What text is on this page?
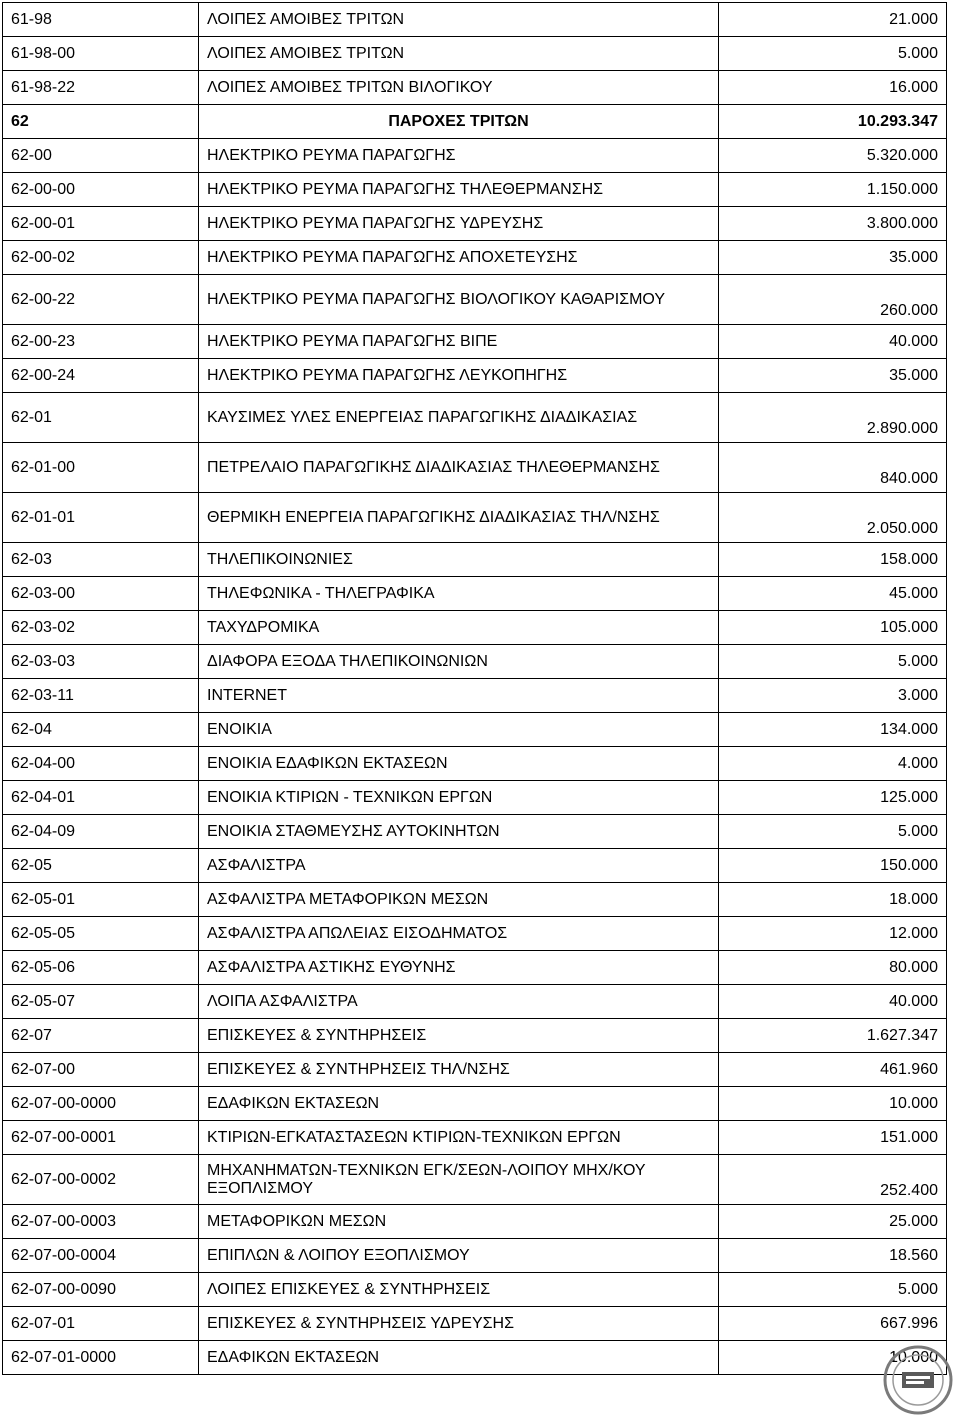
61-98	ΛΟΙΠΕΣ ΑΜΟΙΒΕΣ ΤΡΙΤΩΝ	21.000
61-98-00	ΛΟΙΠΕΣ ΑΜΟΙΒΕΣ ΤΡΙΤΩΝ	5.000
61-98-22	ΛΟΙΠΕΣ ΑΜΟΙΒΕΣ ΤΡΙΤΩΝ ΒΙΛΟΓΙΚΟΥ	16.000
62	ΠΑΡΟΧΕΣ ΤΡΙΤΩΝ	10.293.347
62-00	ΗΛΕΚΤΡΙΚΟ ΡΕΥΜΑ ΠΑΡΑΓΩΓΗΣ	5.320.000
62-00-00	ΗΛΕΚΤΡΙΚΟ ΡΕΥΜΑ ΠΑΡΑΓΩΓΗΣ ΤΗΛΕΘΕΡΜΑΝΣΗΣ	1.150.000
62-00-01	ΗΛΕΚΤΡΙΚΟ ΡΕΥΜΑ ΠΑΡΑΓΩΓΗΣ ΥΔΡΕΥΣΗΣ	3.800.000
62-00-02	ΗΛΕΚΤΡΙΚΟ ΡΕΥΜΑ ΠΑΡΑΓΩΓΗΣ ΑΠΟΧΕΤΕΥΣΗΣ	35.000
62-00-22	ΗΛΕΚΤΡΙΚΟ ΡΕΥΜΑ ΠΑΡΑΓΩΓΗΣ ΒΙΟΛΟΓΙΚΟΥ ΚΑΘΑΡΙΣΜΟΥ	260.000
62-00-23	ΗΛΕΚΤΡΙΚΟ ΡΕΥΜΑ ΠΑΡΑΓΩΓΗΣ ΒΙΠΕ	40.000
62-00-24	ΗΛΕΚΤΡΙΚΟ ΡΕΥΜΑ ΠΑΡΑΓΩΓΗΣ ΛΕΥΚΟΠΗΓΗΣ	35.000
62-01	ΚΑΥΣΙΜΕΣ ΥΛΕΣ ΕΝΕΡΓΕΙΑΣ ΠΑΡΑΓΩΓΙΚΗΣ ΔΙΑΔΙΚΑΣΙΑΣ	2.890.000
62-01-00	ΠΕΤΡΕΛΑΙΟ ΠΑΡΑΓΩΓΙΚΗΣ ΔΙΑΔΙΚΑΣΙΑΣ ΤΗΛΕΘΕΡΜΑΝΣΗΣ	840.000
62-01-01	ΘΕΡΜΙΚΗ ΕΝΕΡΓΕΙΑ ΠΑΡΑΓΩΓΙΚΗΣ ΔΙΑΔΙΚΑΣΙΑΣ ΤΗΛ/ΝΣΗΣ	2.050.000
62-03	ΤΗΛΕΠΙΚΟΙΝΩΝΙΕΣ	158.000
62-03-00	ΤΗΛΕΦΩΝΙΚΑ - ΤΗΛΕΓΡΑΦΙΚΑ	45.000
62-03-02	ΤΑΧΥΔΡΟΜΙΚΑ	105.000
62-03-03	ΔΙΑΦΟΡΑ ΕΞΟΔΑ ΤΗΛΕΠΙΚΟΙΝΩΝΙΩΝ	5.000
62-03-11	INTERNET	3.000
62-04	ΕΝΟΙΚΙΑ	134.000
62-04-00	ΕΝΟΙΚΙΑ ΕΔΑΦΙΚΩΝ ΕΚΤΑΣΕΩΝ	4.000
62-04-01	ΕΝΟΙΚΙΑ ΚΤΙΡΙΩΝ - ΤΕΧΝΙΚΩΝ ΕΡΓΩΝ	125.000
62-04-09	ΕΝΟΙΚΙΑ ΣΤΑΘΜΕΥΣΗΣ ΑΥΤΟΚΙΝΗΤΩΝ	5.000
62-05	ΑΣΦΑΛΙΣΤΡΑ	150.000
62-05-01	ΑΣΦΑΛΙΣΤΡΑ ΜΕΤΑΦΟΡΙΚΩΝ ΜΕΣΩΝ	18.000
62-05-05	ΑΣΦΑΛΙΣΤΡΑ ΑΠΩΛΕΙΑΣ ΕΙΣΟΔΗΜΑΤΟΣ	12.000
62-05-06	ΑΣΦΑΛΙΣΤΡΑ ΑΣΤΙΚΗΣ ΕΥΘΥΝΗΣ	80.000
62-05-07	ΛΟΙΠΑ ΑΣΦΑΛΙΣΤΡΑ	40.000
62-07	ΕΠΙΣΚΕΥΕΣ & ΣΥΝΤΗΡΗΣΕΙΣ	1.627.347
62-07-00	ΕΠΙΣΚΕΥΕΣ & ΣΥΝΤΗΡΗΣΕΙΣ ΤΗΛ/ΝΣΗΣ	461.960
62-07-00-0000	ΕΔΑΦΙΚΩΝ ΕΚΤΑΣΕΩΝ	10.000
62-07-00-0001	ΚΤΙΡΙΩΝ-ΕΓΚΑΤΑΣΤΑΣΕΩΝ ΚΤΙΡΙΩΝ-ΤΕΧΝΙΚΩΝ ΕΡΓΩΝ	151.000
62-07-00-0002	ΜΗΧΑΝΗΜΑΤΩΝ-ΤΕΧΝΙΚΩΝ ΕΓΚ/ΣΕΩΝ-ΛΟΙΠΟΥ ΜΗΧ/ΚΟΥ ΕΞΟΠΛΙΣΜΟΥ	252.400
62-07-00-0003	ΜΕΤΑΦΟΡΙΚΩΝ ΜΕΣΩΝ	25.000
62-07-00-0004	ΕΠΙΠΛΩΝ & ΛΟΙΠΟΥ ΕΞΟΠΛΙΣΜΟΥ	18.560
62-07-00-0090	ΛΟΙΠΕΣ ΕΠΙΣΚΕΥΕΣ & ΣΥΝΤΗΡΗΣΕΙΣ	5.000
62-07-01	ΕΠΙΣΚΕΥΕΣ & ΣΥΝΤΗΡΗΣΕΙΣ ΥΔΡΕΥΣΗΣ	667.996
62-07-01-0000	ΕΔΑΦΙΚΩΝ ΕΚΤΑΣΕΩΝ	10.000
